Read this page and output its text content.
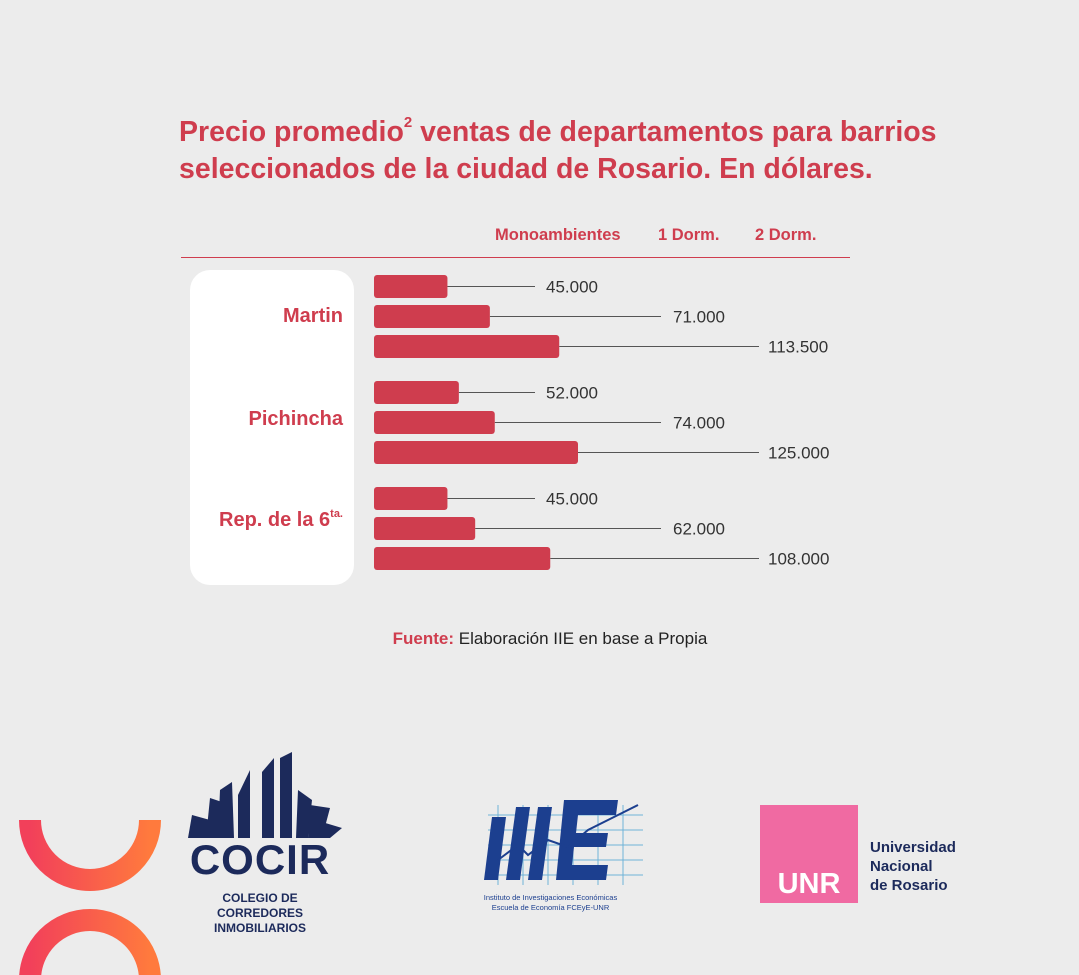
Precio promedio$^2$ ventas de departamentos para barrios
seleccionados de la ciudad de Rosario. En dólares.
Monoambientes 1 Dorm. 2 Dorm.
Martin
Pichincha
Rep. de la $6^{ta.}$
45.000
71.000
113.500
52.000
74.000
125.000
45.000
62.000
108.000
Fuente: Elaboración IIE en base a Propia
COCIR
COLEGIO DE CORREDORES
INMOBILIARIOS
Instituto de Investigaciones Económicas
Escuela de Economía FCEyE-UNR
UNR
Universidad
Nacional
de Rosario
